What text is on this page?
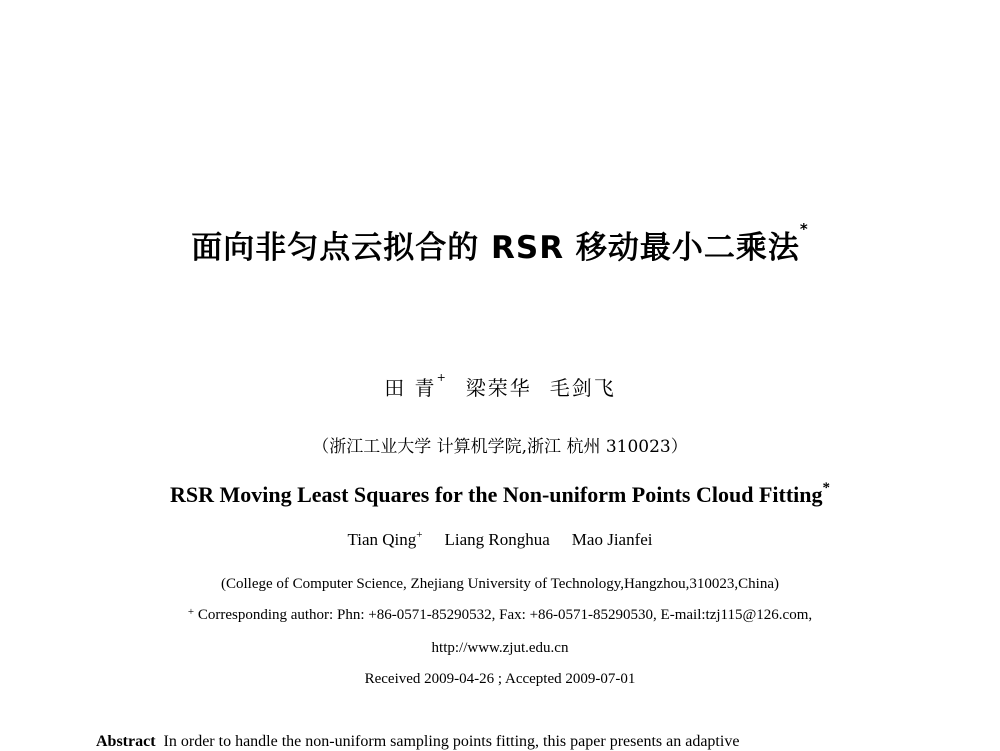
面向非匀点云拟合的 RSR 移动最小二乘法*
田 青+ 梁荣华 毛剑飞
（浙江工业大学 计算机学院,浙江 杭州 310023）
RSR Moving Least Squares for the Non-uniform Points Cloud Fitting*
Tian Qing+ Liang Ronghua Mao Jianfei
(College of Computer Science, Zhejiang University of Technology,Hangzhou,310023,China)
+ Corresponding author: Phn: +86-0571-85290532, Fax: +86-0571-85290530, E-mail:tzj115@126.com,
http://www.zjut.edu.cn
Received 2009-04-26 ; Accepted 2009-07-01
Abstract In order to handle the non-uniform sampling points fitting, this paper presents an adaptive
